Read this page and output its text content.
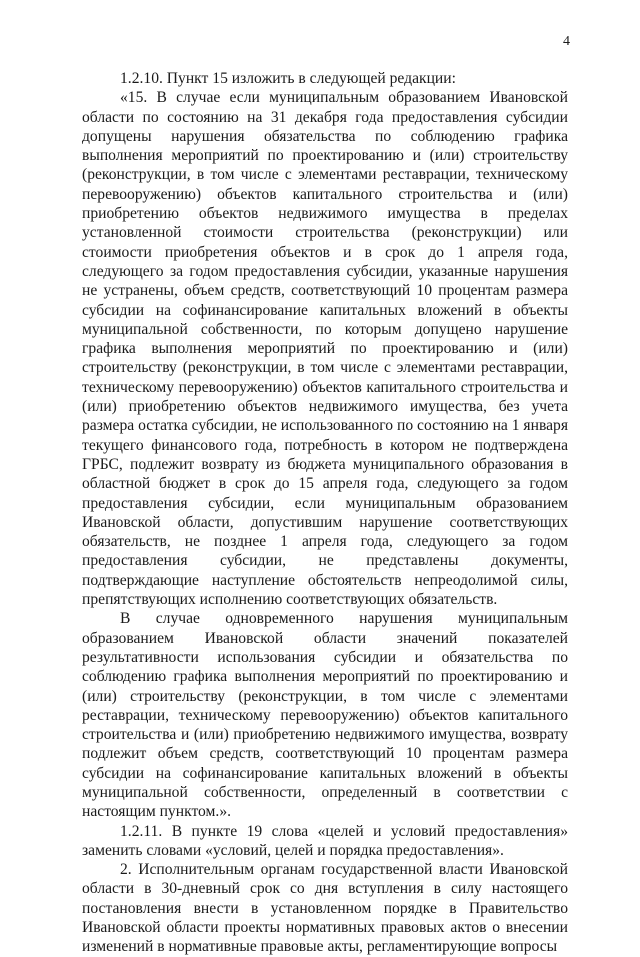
4

1.2.10. Пункт 15 изложить в следующей редакции:

«15. В случае если муниципальным образованием Ивановской области по состоянию на 31 декабря года предоставления субсидии допущены нарушения обязательства по соблюдению графика выполнения мероприятий по проектированию и (или) строительству (реконструкции, в том числе с элементами реставрации, техническому перевооружению) объектов капитального строительства и (или) приобретению объектов недвижимого имущества в пределах установленной стоимости строительства (реконструкции) или стоимости приобретения объектов и в срок до 1 апреля года, следующего за годом предоставления субсидии, указанные нарушения не устранены, объем средств, соответствующий 10 процентам размера субсидии на софинансирование капитальных вложений в объекты муниципальной собственности, по которым допущено нарушение графика выполнения мероприятий по проектированию и (или) строительству (реконструкции, в том числе с элементами реставрации, техническому перевооружению) объектов капитального строительства и (или) приобретению объектов недвижимого имущества, без учета размера остатка субсидии, не использованного по состоянию на 1 января текущего финансового года, потребность в котором не подтверждена ГРБС, подлежит возврату из бюджета муниципального образования в областной бюджет в срок до 15 апреля года, следующего за годом предоставления субсидии, если муниципальным образованием Ивановской области, допустившим нарушение соответствующих обязательств, не позднее 1 апреля года, следующего за годом предоставления субсидии, не представлены документы, подтверждающие наступление обстоятельств непреодолимой силы, препятствующих исполнению соответствующих обязательств.

В случае одновременного нарушения муниципальным образованием Ивановской области значений показателей результативности использования субсидии и обязательства по соблюдению графика выполнения мероприятий по проектированию и (или) строительству (реконструкции, в том числе с элементами реставрации, техническому перевооружению) объектов капитального строительства и (или) приобретению недвижимого имущества, возврату подлежит объем средств, соответствующий 10 процентам размера субсидии на софинансирование капитальных вложений в объекты муниципальной собственности, определенный в соответствии с настоящим пунктом.».

1.2.11. В пункте 19 слова «целей и условий предоставления» заменить словами «условий, целей и порядка предоставления».

2. Исполнительным органам государственной власти Ивановской области в 30-дневный срок со дня вступления в силу настоящего постановления внести в установленном порядке в Правительство Ивановской области проекты нормативных правовых актов о внесении изменений в нормативные правовые акты, регламентирующие вопросы
